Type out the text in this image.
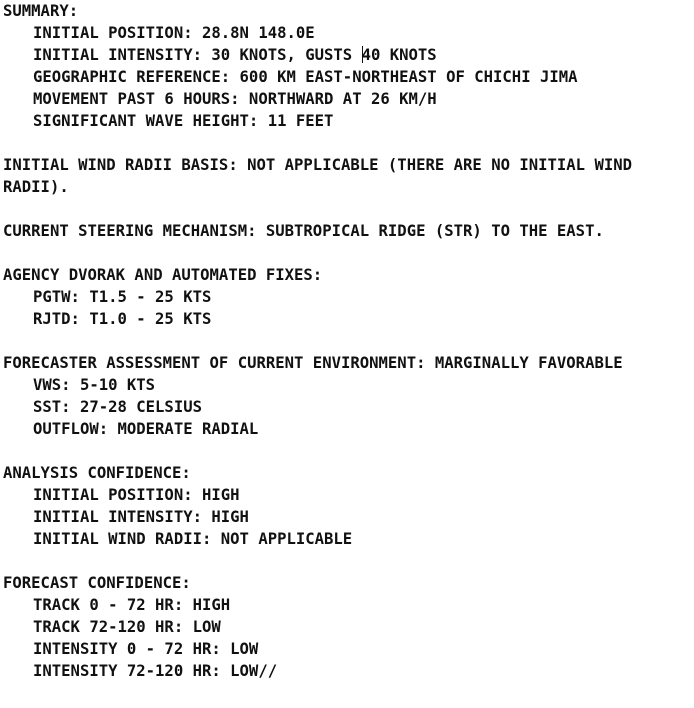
SUMMARY:
INITIAL POSITION: 28.8N 148.0E
INITIAL INTENSITY: 30 KNOTS, GUSTS 40 KNOTS
GEOGRAPHIC REFERENCE: 600 KM EAST-NORTHEAST OF CHICHI JIMA
MOVEMENT PAST 6 HOURS: NORTHWARD AT 26 KM/H
SIGNIFICANT WAVE HEIGHT: 11 FEET
INITIAL WIND RADII BASIS: NOT APPLICABLE (THERE ARE NO INITIAL WIND
RADII).
CURRENT STEERING MECHANISM: SUBTROPICAL RIDGE (STR) TO THE EAST.
AGENCY DVORAK AND AUTOMATED FIXES:
PGTW: T1.5 - 25 KTS
RJTD: T1.0 - 25 KTS
FORECASTER ASSESSMENT OF CURRENT ENVIRONMENT: MARGINALLY FAVORABLE
VWS: 5-10 KTS
SST: 27-28 CELSIUS
OUTFLOW: MODERATE RADIAL
ANALYSIS CONFIDENCE:
INITIAL POSITION: HIGH
INITIAL INTENSITY: HIGH
INITIAL WIND RADII: NOT APPLICABLE
FORECAST CONFIDENCE:
TRACK 0 - 72 HR: HIGH
TRACK 72-120 HR: LOW
INTENSITY 0 - 72 HR: LOW
INTENSITY 72-120 HR: LOW//
